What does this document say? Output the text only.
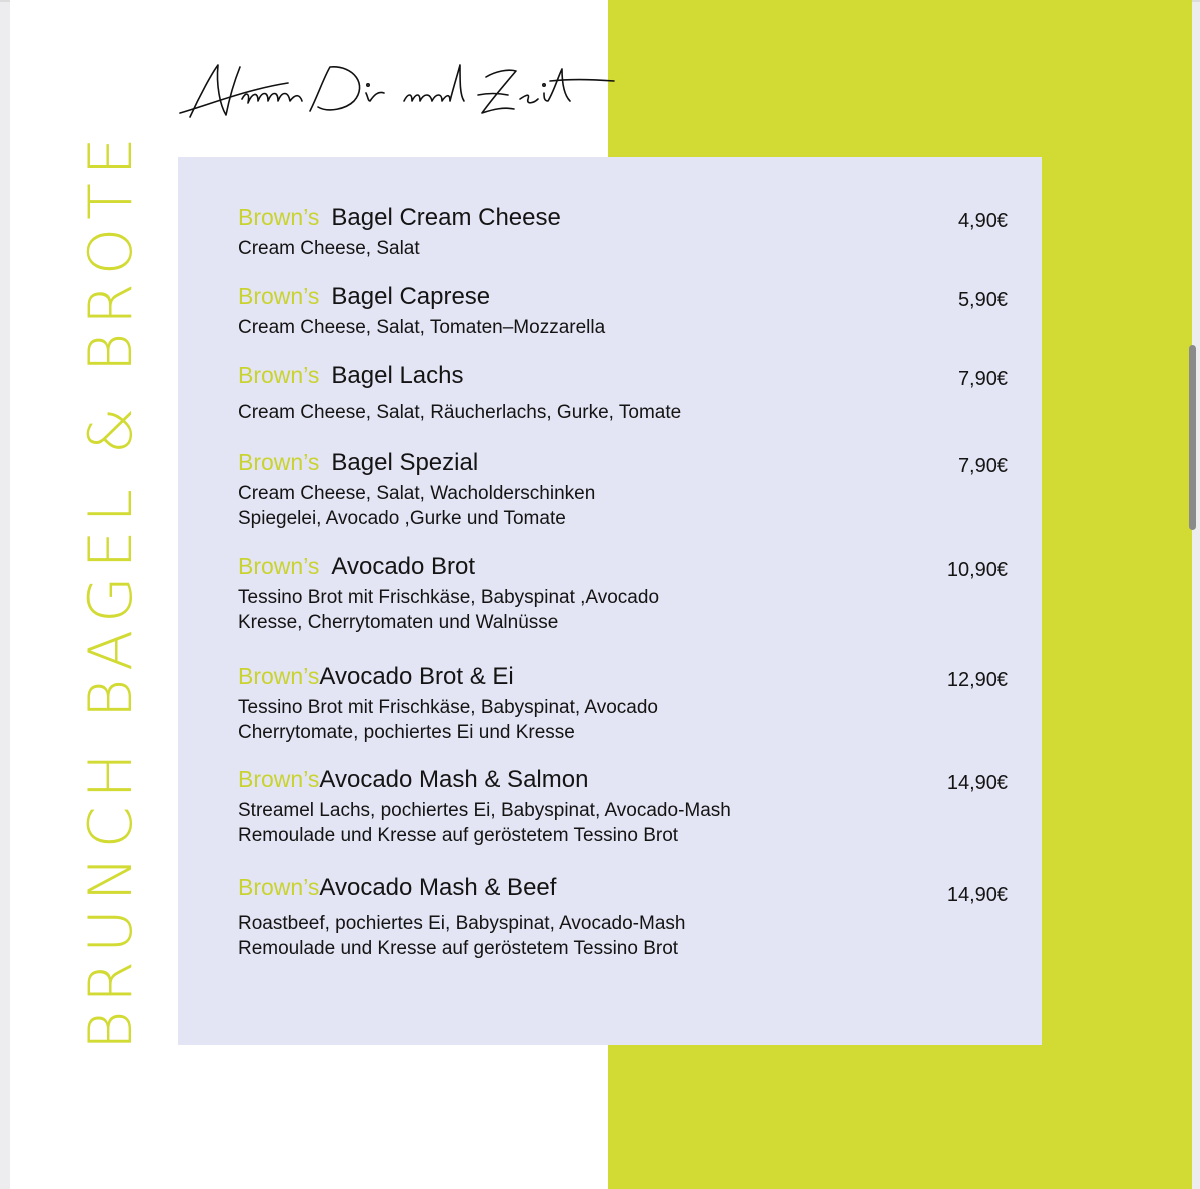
BRUNCH BAGEL & BROTE	Brown’s Bagel Cream Cheese
Cream Cheese, Salat
4,90€
Brown’s Bagel Caprese
Cream Cheese, Salat, Tomaten–Mozzarella
5,90€
Brown’s Bagel Lachs
Cream Cheese, Salat, Räucherlachs, Gurke, Tomate
7,90€
Brown’s Bagel Spezial
Cream Cheese, Salat, Wacholderschinken
Spiegelei, Avocado ,Gurke und Tomate
7,90€
Brown’s Avocado Brot
Tessino Brot mit Frischkäse, Babyspinat ,Avocado
Kresse, Cherrytomaten und Walnüsse
10,90€
Brown’sAvocado Brot & Ei
Tessino Brot mit Frischkäse, Babyspinat, Avocado
Cherrytomate, pochiertes Ei und Kresse
12,90€
Brown’sAvocado Mash & Salmon
Streamel Lachs, pochiertes Ei, Babyspinat, Avocado-Mash
Remoulade und Kresse auf geröstetem Tessino Brot
14,90€
Brown’sAvocado Mash & Beef
Roastbeef, pochiertes Ei, Babyspinat, Avocado-Mash
Remoulade und Kresse auf geröstetem Tessino Brot
14,90€
